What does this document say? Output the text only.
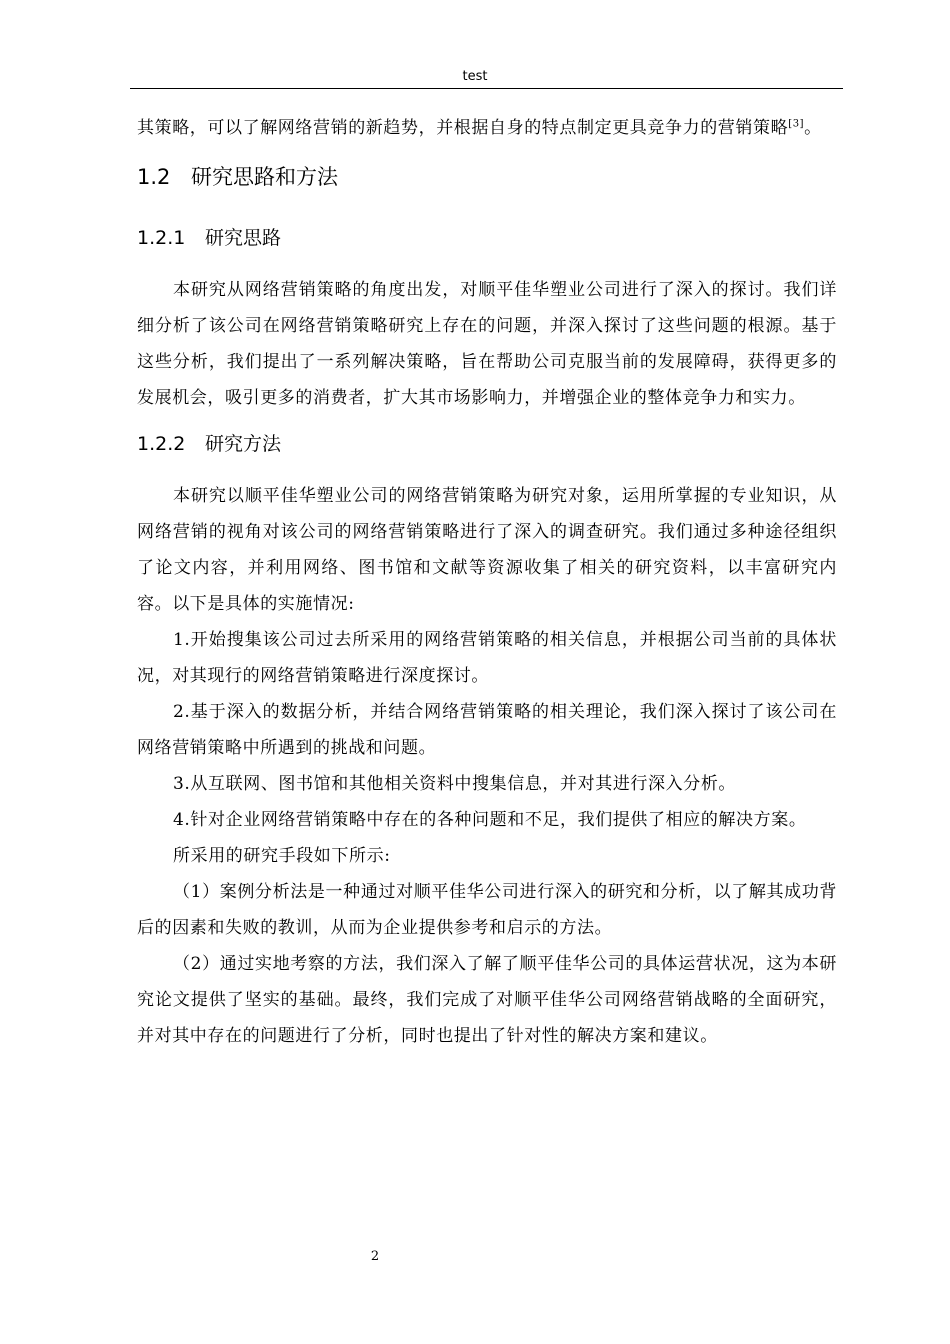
test

其策略，可以了解网络营销的新趋势，并根据自身的特点制定更具竞争力的营销策略[3]。

1.2 研究思路和方法
1.2.1	研究思路

本研究从网络营销策略的角度出发，对顺平佳华塑业公司进行了深入的探讨。我们详细分析了该公司在网络营销策略研究上存在的问题，并深入探讨了这些问题的根源。基于这些分析，我们提出了一系列解决策略，旨在帮助公司克服当前的发展障碍，获得更多的发展机会，吸引更多的消费者，扩大其市场影响力，并增强企业的整体竞争力和实力。

1.2.2	研究方法

本研究以顺平佳华塑业公司的网络营销策略为研究对象，运用所掌握的专业知识，从网络营销的视角对该公司的网络营销策略进行了深入的调查研究。我们通过多种途径组织了论文内容，并利用网络、图书馆和文献等资源收集了相关的研究资料，以丰富研究内容。以下是具体的实施情况:

1.开始搜集该公司过去所采用的网络营销策略的相关信息，并根据公司当前的具体状况，对其现行的网络营销策略进行深度探讨。

2.基于深入的数据分析，并结合网络营销策略的相关理论，我们深入探讨了该公司在网络营销策略中所遇到的挑战和问题。

3.从互联网、图书馆和其他相关资料中搜集信息，并对其进行深入分析。

4.针对企业网络营销策略中存在的各种问题和不足，我们提供了相应的解决方案。

所采用的研究手段如下所示:

（1）案例分析法是一种通过对顺平佳华公司进行深入的研究和分析，以了解其成功背后的因素和失败的教训，从而为企业提供参考和启示的方法。

（2）通过实地考察的方法，我们深入了解了顺平佳华公司的具体运营状况，这为本研究论文提供了坚实的基础。最终，我们完成了对顺平佳华公司网络营销战略的全面研究，并对其中存在的问题进行了分析，同时也提出了针对性的解决方案和建议。

2
